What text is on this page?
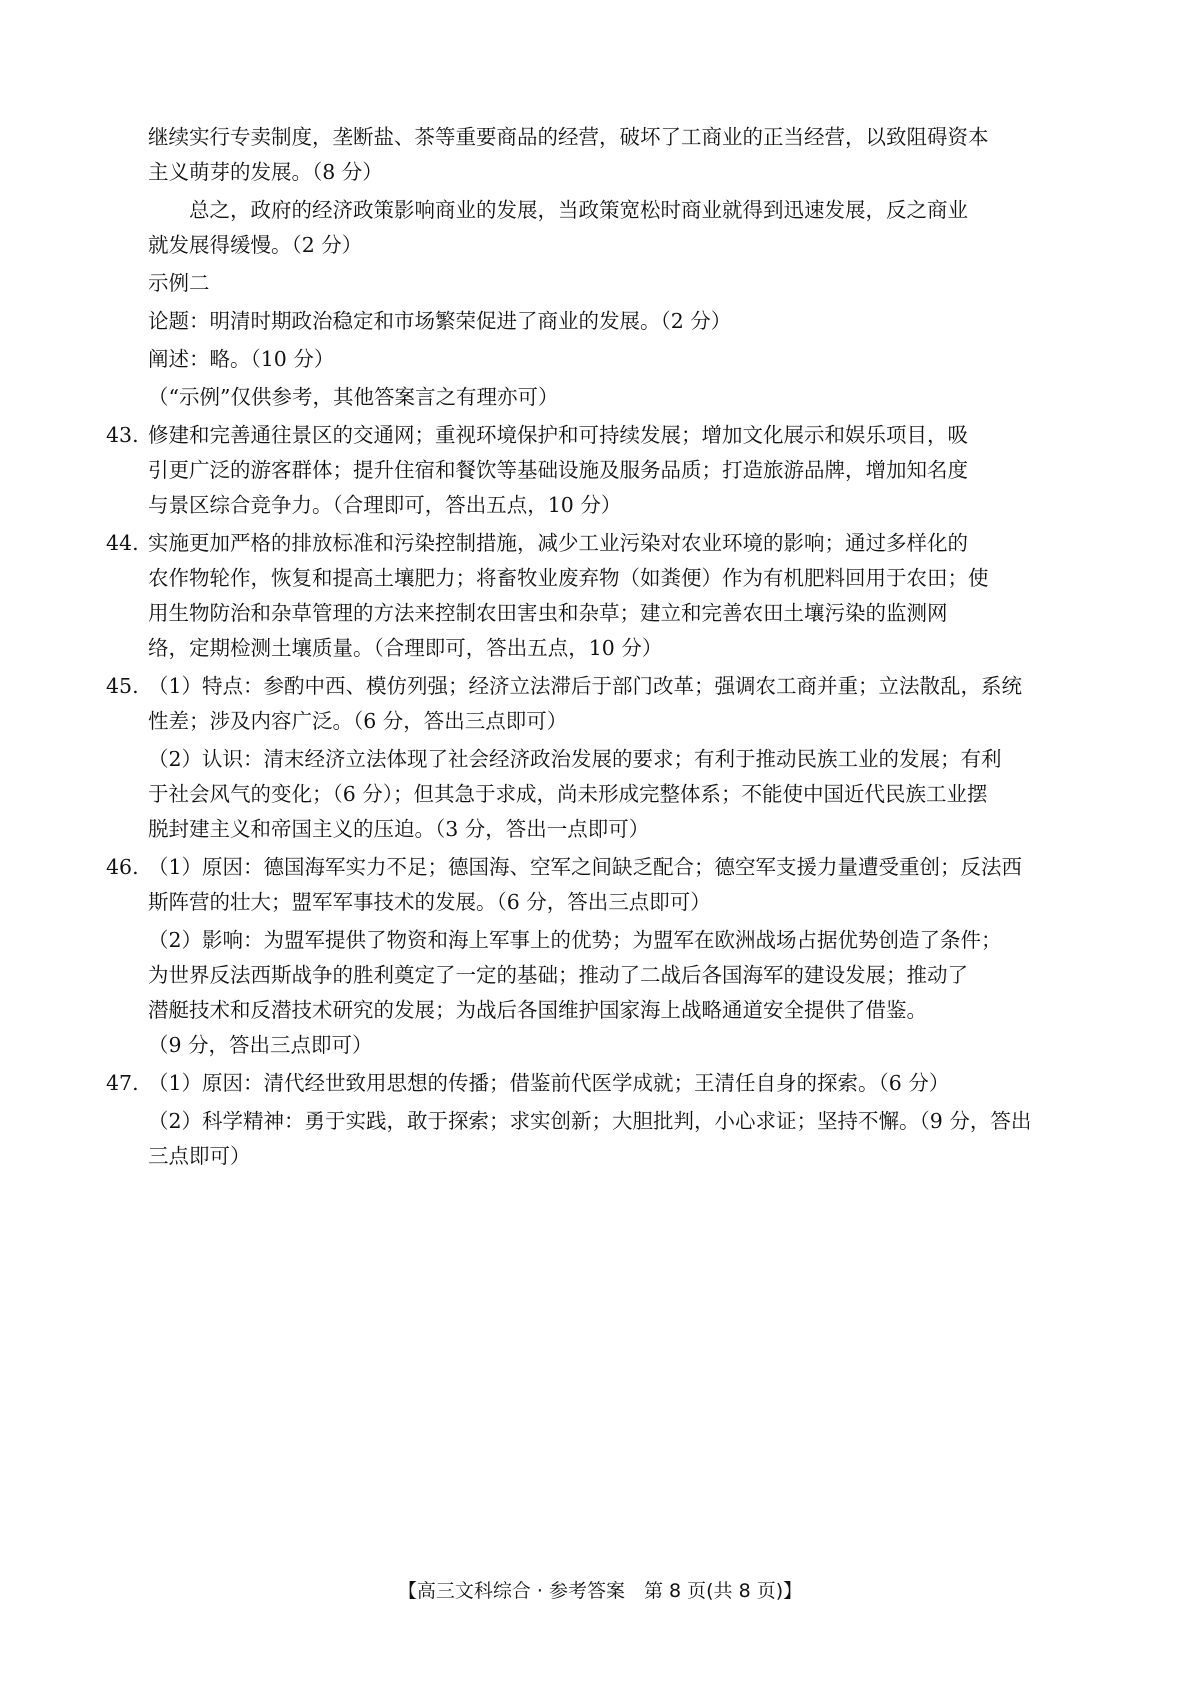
继续实行专卖制度，垄断盐、茶等重要商品的经营，破坏了工商业的正当经营，以致阻碍资本
主义萌芽的发展。（8 分）
总之，政府的经济政策影响商业的发展，当政策宽松时商业就得到迅速发展，反之商业
就发展得缓慢。（2 分）
示例二
论题：明清时期政治稳定和市场繁荣促进了商业的发展。（2 分）
阐述：略。（10 分）
（“示例”仅供参考，其他答案言之有理亦可）
43. 修建和完善通往景区的交通网；重视环境保护和可持续发展；增加文化展示和娱乐项目，吸
引更广泛的游客群体；提升住宿和餐饮等基础设施及服务品质；打造旅游品牌，增加知名度
与景区综合竞争力。（合理即可，答出五点，10 分）
44. 实施更加严格的排放标准和污染控制措施，减少工业污染对农业环境的影响；通过多样化的
农作物轮作，恢复和提高土壤肥力；将畜牧业废弃物（如粪便）作为有机肥料回用于农田；使
用生物防治和杂草管理的方法来控制农田害虫和杂草；建立和完善农田土壤污染的监测网
络，定期检测土壤质量。（合理即可，答出五点，10 分）
45. （1）特点：参酌中西、模仿列强；经济立法滞后于部门改革；强调农工商并重；立法散乱，系统
性差；涉及内容广泛。（6 分，答出三点即可）
（2）认识：清末经济立法体现了社会经济政治发展的要求；有利于推动民族工业的发展；有利
于社会风气的变化；（6 分）；但其急于求成，尚未形成完整体系；不能使中国近代民族工业摆
脱封建主义和帝国主义的压迫。（3 分，答出一点即可）
46. （1）原因：德国海军实力不足；德国海、空军之间缺乏配合；德空军支援力量遭受重创；反法西
斯阵营的壮大；盟军军事技术的发展。（6 分，答出三点即可）
（2）影响：为盟军提供了物资和海上军事上的优势；为盟军在欧洲战场占据优势创造了条件；
为世界反法西斯战争的胜利奠定了一定的基础；推动了二战后各国海军的建设发展；推动了
潜艇技术和反潜技术研究的发展；为战后各国维护国家海上战略通道安全提供了借鉴。
（9 分，答出三点即可）
47. （1）原因：清代经世致用思想的传播；借鉴前代医学成就；王清任自身的探索。（6 分）
（2）科学精神：勇于实践，敢于探索；求实创新；大胆批判，小心求证；坚持不懈。（9 分，答出
三点即可）
【高三文科综合 · 参考答案　第 8 页(共 8 页)】
